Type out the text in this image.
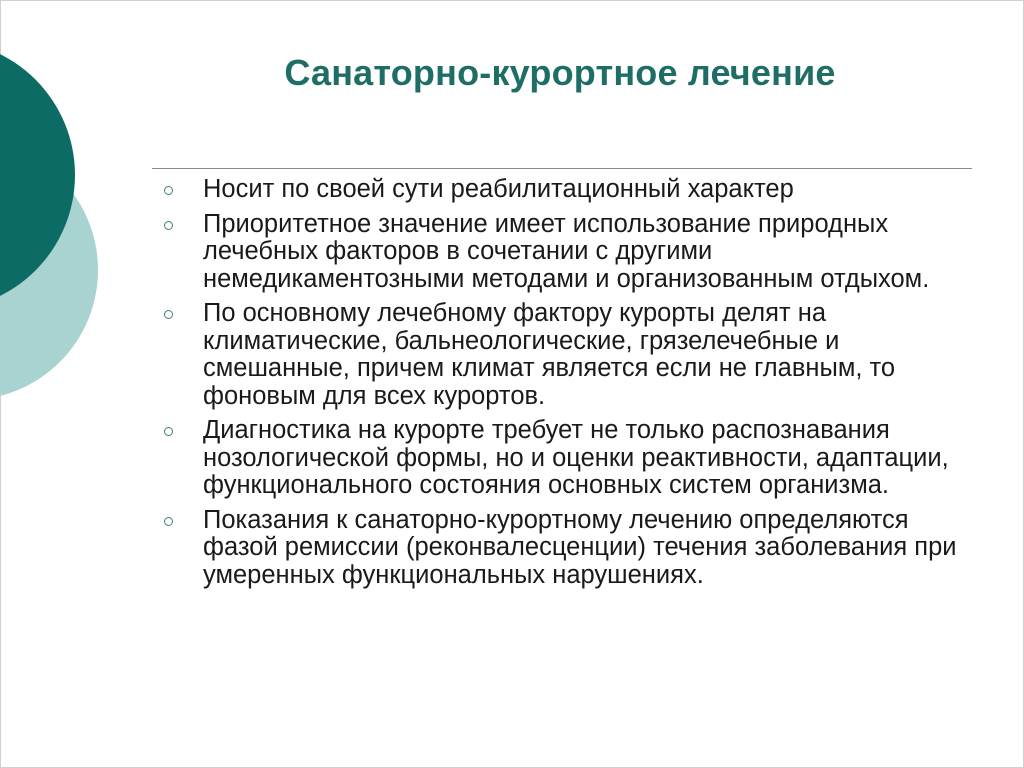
Санаторно-курортное лечение
Носит по своей сути реабилитационный характер
Приоритетное значение имеет использование природных лечебных факторов в сочетании с другими немедикаментозными методами и организованным отдыхом.
По основному лечебному фактору курорты делят на климатические, бальнеологические, грязелечебные и смешанные, причем климат является если не главным, то фоновым для всех курортов.
Диагностика на курорте требует не только распознавания нозологической формы, но и оценки реактивности, адаптации, функционального состояния основных систем организма.
Показания к санаторно-курортному лечению определяются фазой ремиссии (реконвалесценции) течения заболевания при умеренных функциональных нарушениях.
